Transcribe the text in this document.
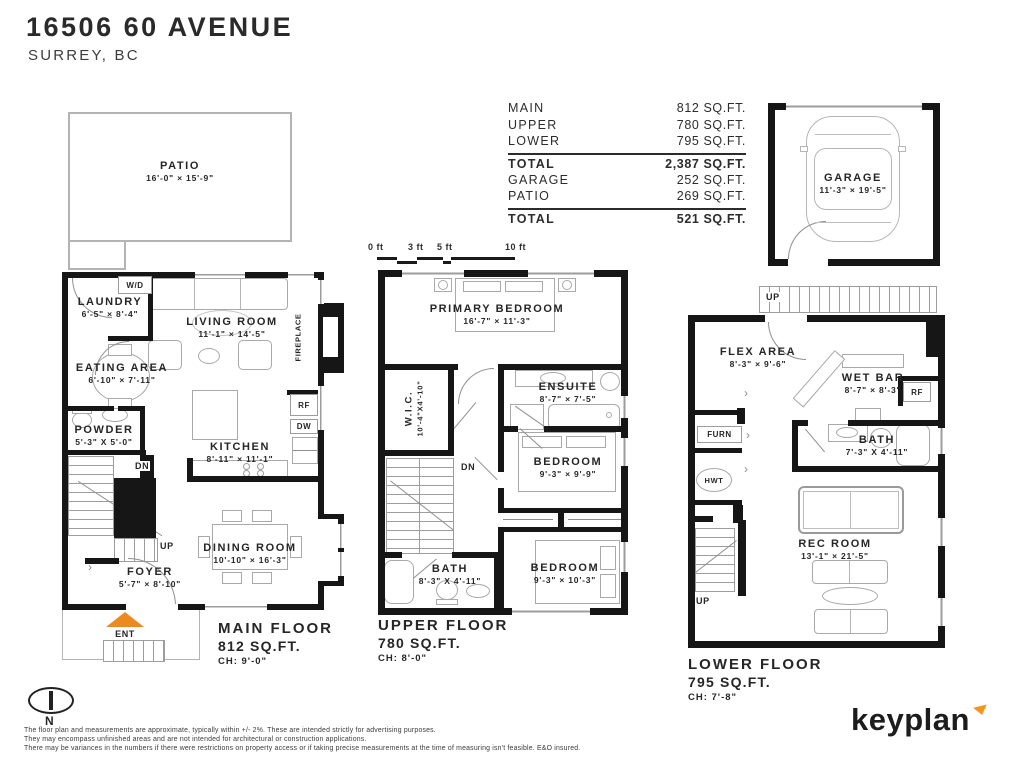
16506 60 AVENUE
SURREY, BC
MAIN	812 SQ.FT.
UPPER	780 SQ.FT.
LOWER	795 SQ.FT.
TOTAL	2,387 SQ.FT.
GARAGE	252 SQ.FT.
PATIO	269 SQ.FT.
TOTAL	521 SQ.FT.
PATIO
16'-0" × 15'-9"	GARAGE
11'-3" × 19'-5"
0 ft	3 ft 5 ft	10 ft
›
DN
UP
W/D
LAUNDRY
6'-5" × 8'-4"
LIVING ROOM
11'-1" × 14'-5"	FIREPLACE
EATING AREA
6'-10" × 7'-11"
POWDER
5'-3" X 5'-0"
RF
DW
KITCHEN
8'-11" × 11'-1"
DINING ROOM
10'-10" × 16'-3"
FOYER
5'-7" × 8'-10"
ENT	MAIN FLOOR
812 SQ.FT.
CH: 9'-0"
DN
PRIMARY BEDROOM
16'-7" × 11'-3"
W.I.C. 10'-4"X4'-10"	ENSUITE
8'-7" × 7'-5"
BEDROOM
9'-3" × 9'-9"
BEDROOM
9'-3" × 10'-3"
BATH
8'-3" X 4'-11"
UPPER FLOOR
780 SQ.FT.
CH: 8'-0"
UP
FLEX AREA
8'-3" × 9'-6"
RF
WET BAR
8'-7" × 8'-3"
FURN
HWT
›
›
›
BATH
7'-3" X 4'-11"
REC ROOM
13'-1" × 21'-5"
UP
LOWER FLOOR
795 SQ.FT.
CH: 7'-8"
N
The floor plan and measurements are approximate, typically within +/- 2%. These are intended strictly for advertising purposes.
They may encompass unfinished areas and are not intended for architectural or construction applications.
There may be variances in the numbers if there were restrictions on property access or if taking precise measurements at the time of measuring isn't feasible. E&O insured.
keyplan
